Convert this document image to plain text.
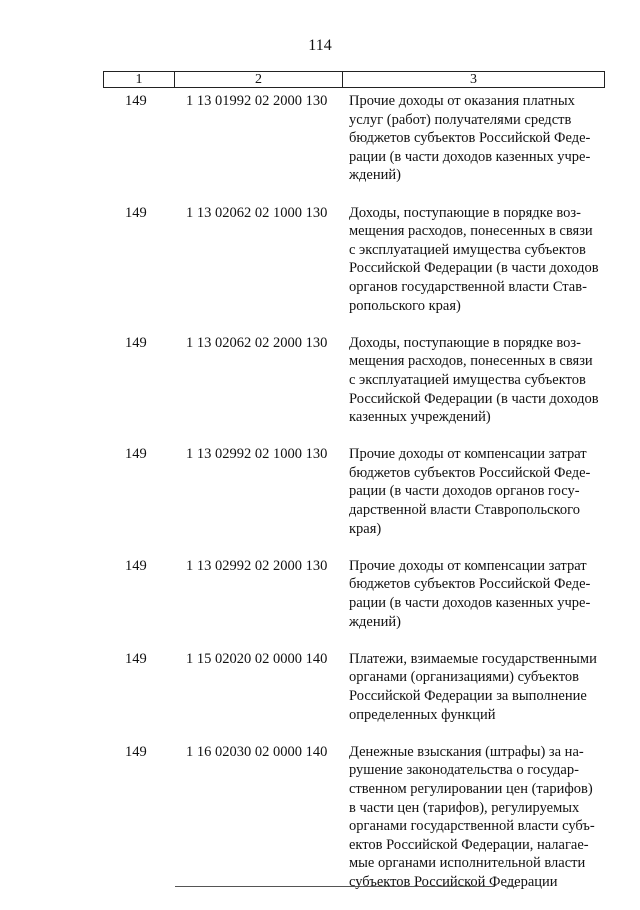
114
1	2	3
149	1 13 01992 02 2000 130 Прочие доходы от оказания платных
услуг (работ) получателями средств
бюджетов субъектов Российской Феде-
рации (в части доходов казенных учре-
ждений)
149	1 13 02062 02 1000 130 Доходы, поступающие в порядке воз-
мещения расходов, понесенных в связи
с эксплуатацией имущества субъектов
Российской Федерации (в части доходов
органов государственной власти Став-
ропольского края)
149	1 13 02062 02 2000 130 Доходы, поступающие в порядке воз-
мещения расходов, понесенных в связи
с эксплуатацией имущества субъектов
Российской Федерации (в части доходов
казенных учреждений)
149	1 13 02992 02 1000 130 Прочие доходы от компенсации затрат
бюджетов субъектов Российской Феде-
рации (в части доходов органов госу-
дарственной власти Ставропольского
края)
149	1 13 02992 02 2000 130 Прочие доходы от компенсации затрат
бюджетов субъектов Российской Феде-
рации (в части доходов казенных учре-
ждений)
149	1 15 02020 02 0000 140 Платежи, взимаемые государственными
органами (организациями) субъектов
Российской Федерации за выполнение
определенных функций
149	1 16 02030 02 0000 140 Денежные взыскания (штрафы) за на-
рушение законодательства о государ-
ственном регулировании цен (тарифов)
в части цен (тарифов), регулируемых
органами государственной власти субъ-
ектов Российской Федерации, налагае-
мые органами исполнительной власти
субъектов Российской Федерации
